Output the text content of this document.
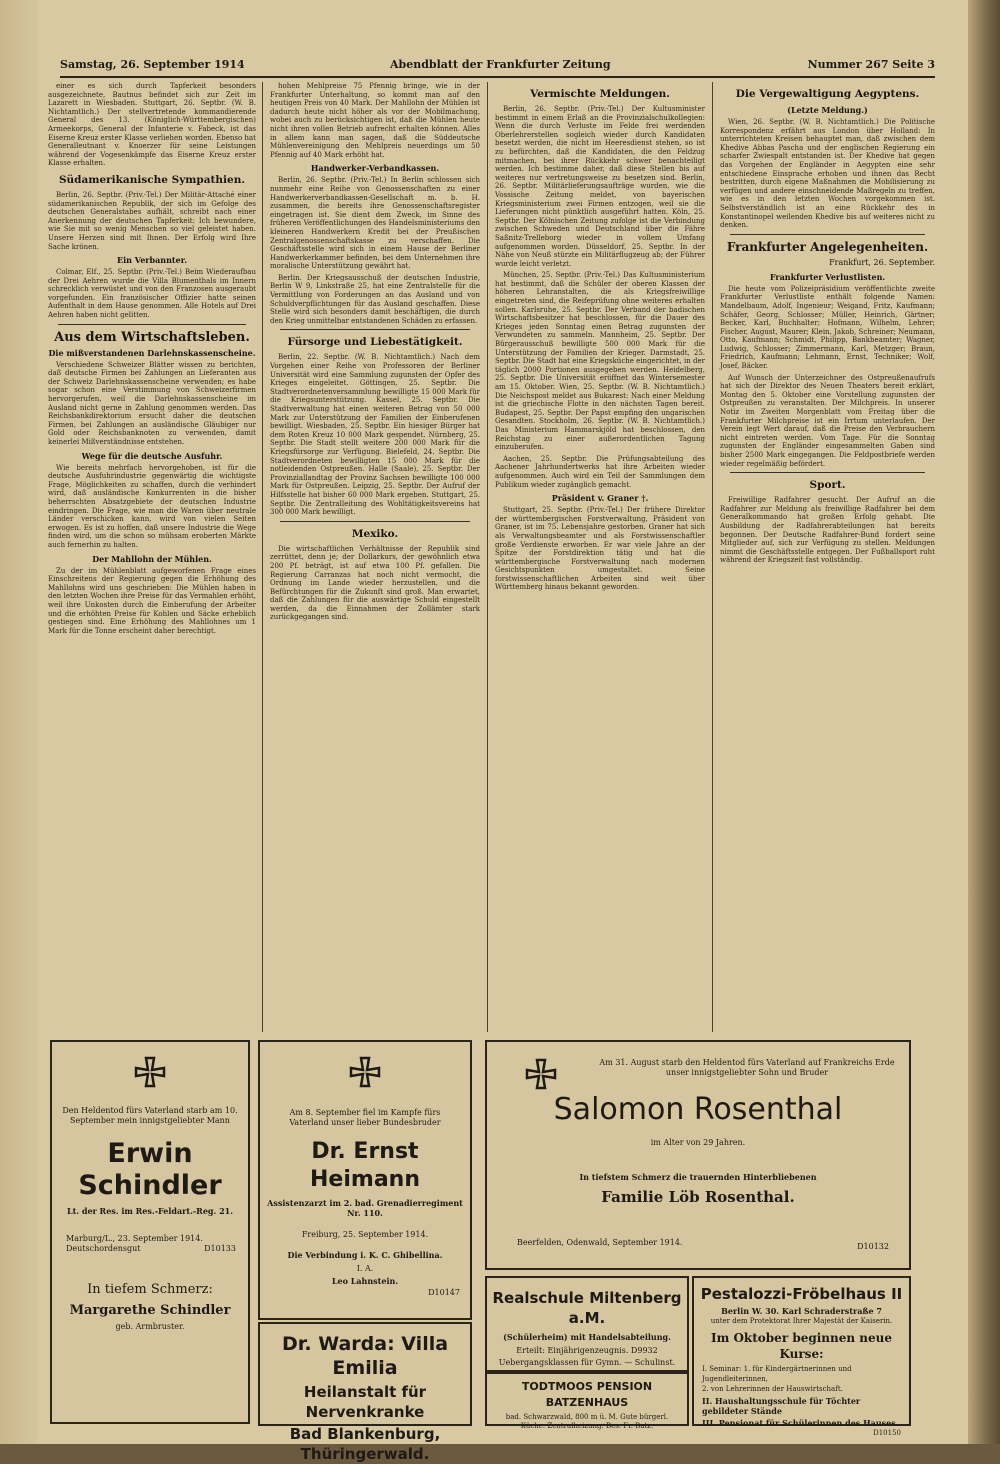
Samstag, 26. September 1914	Abendblatt der Frankfurter Zeitung	Nummer 267 Seite 3

einer es sich durch Tapferkeit besonders ausgezeichnete, Bautnus befindet sich zur Zeit im Lazarett in Wiesbaden. Stuttgart, 26. Septbr. (W. B. Nichtamtlich.) Der stellvertretende kommandierende General des 13. (Königlich-Württembergischen) Armeekorps, General der Infanterie v. Fabeck, ist das Eiserne Kreuz erster Klasse verliehen worden. Ebenso hat Generalleutnant v. Knoerzer für seine Leistungen während der Vogesenkämpfe das Eiserne Kreuz erster Klasse erhalten.

Südamerikanische Sympathien.

Berlin, 26. Septbr. (Priv.-Tel.) Der Militär-Attaché einer südamerikanischen Republik, der sich im Gefolge des deutschen Generalstabes aufhält, schreibt nach einer Anerkennung der deutschen Tapferkeit: Ich bewundere, wie Sie mit so wenig Menschen so viel geleistet haben. Unsere Herzen sind mit Ihnen. Der Erfolg wird Ihre Sache krönen.

Ein Verbannter.

Colmar, Elf., 25. Septbr. (Priv.-Tel.) Beim Wiederaufbau der Drei Aehren wurde die Villa Blumenthals im Innern schrecklich verwüstet und von den Franzosen ausgeraubt vorgefunden. Ein französischer Offizier hatte seinen Aufenthalt in dem Hause genommen. Alle Hotels auf Drei Aehren haben nicht gelitten.

Aus dem Wirtschaftsleben.
Die mißverstandenen Darlehnskassenscheine.

Verschiedene Schweizer Blätter wissen zu berichten, daß deutsche Firmen bei Zahlungen an Lieferanten aus der Schweiz Darlehnskassenscheine verwenden; es habe sogar schon eine Verstimmung von Schweizerfirmen hervorgerufen, weil die Darlehnskassenscheine im Ausland nicht gerne in Zahlung genommen werden. Das Reichsbankdirektorium ersucht daher die deutschen Firmen, bei Zahlungen an ausländische Gläubiger nur Gold oder Reichsbanknoten zu verwenden, damit keinerlei Mißverständnisse entstehen.

Wege für die deutsche Ausfuhr.

Wie bereits mehrfach hervorgehoben, ist für die deutsche Ausfuhrindustrie gegenwärtig die wichtigste Frage, Möglichkeiten zu schaffen, durch die verhindert wird, daß ausländische Konkurrenten in die bisher beherrschten Absatzgebiete der deutschen Industrie eindringen. Die Frage, wie man die Waren über neutrale Länder verschicken kann, wird von vielen Seiten erwogen. Es ist zu hoffen, daß unsere Industrie die Wege finden wird, um die schon so mühsam eroberten Märkte auch fernerhin zu halten.

Der Mahllohn der Mühlen.

Zu der im Mühlenblatt aufgeworfenen Frage eines Einschreitens der Regierung gegen die Erhöhung des Mahllohns wird uns geschrieben: Die Mühlen haben in den letzten Wochen ihre Preise für das Vermahlen erhöht, weil ihre Unkosten durch die Einberufung der Arbeiter und die erhöhten Preise für Kohlen und Säcke erheblich gestiegen sind. Eine Erhöhung des Mahllohnes um 1 Mark für die Tonne erscheint daher berechtigt.

hohen Mehlpreise 75 Pfennig bringe, wie in der Frankfurter Unterhaltung, so kommt man auf den heutigen Preis von 40 Mark. Der Mahllohn der Mühlen ist dadurch heute nicht höher als vor der Mobilmachung, wobei auch zu berücksichtigen ist, daß die Mühlen heute nicht ihren vollen Betrieb aufrecht erhalten können. Alles in allem kann man sagen, daß die Süddeutsche Mühlenvereinigung den Mehlpreis neuerdings um 50 Pfennig auf 40 Mark erhöht hat.

Handwerker-Verbandkassen.

Berlin, 26. Septbr. (Priv.-Tel.) In Berlin schlossen sich nunmehr eine Reihe von Genossenschaften zu einer Handwerkerverbandkassen-Gesellschaft m. b. H. zusammen, die bereits ihre Genossenschaftsregister eingetragen ist. Sie dient dem Zweck, im Sinne des früheren Veröffentlichungen des Handelsministeriums den kleineren Handwerkern Kredit bei der Preußischen Zentralgenossenschaftskasse zu verschaffen. Die Geschäftsstelle wird sich in einem Hause der Berliner Handwerkerkammer befinden, bei dem Unternehmen ihre moralische Unterstützung gewährt hat.

Berlin. Der Kriegsausschuß der deutschen Industrie, Berlin W 9, Linkstraße 25, hat eine Zentralstelle für die Vermittlung von Forderungen an das Ausland und von Schuldverpflichtungen für das Ausland geschaffen. Diese Stelle wird sich besonders damit beschäftigen, die durch den Krieg unmittelbar entstandenen Schäden zu erfassen.

Fürsorge und Liebestätigkeit.

Berlin, 22. Septbr. (W. B. Nichtamtlich.) Nach dem Vorgehen einer Reihe von Professoren der Berliner Universität wird eine Sammlung zugunsten der Opfer des Krieges eingeleitet. Göttingen, 25. Septbr. Die Stadtverordnetenversammlung bewilligte 15 000 Mark für die Kriegsunterstützung. Kassel, 25. Septbr. Die Stadtverwaltung hat einen weiteren Betrag von 50 000 Mark zur Unterstützung der Familien der Einberufenen bewilligt. Wiesbaden, 25. Septbr. Ein hiesiger Bürger hat dem Roten Kreuz 10 000 Mark gespendet. Nürnberg, 25. Septbr. Die Stadt stellt weitere 200 000 Mark für die Kriegsfürsorge zur Verfügung. Bielefeld, 24. Septbr. Die Stadtverordneten bewilligten 15 000 Mark für die notleidenden Ostpreußen. Halle (Saale), 25. Septbr. Der Provinziallandtag der Provinz Sachsen bewilligte 100 000 Mark für Ostpreußen. Leipzig, 25. Septbr. Der Aufruf der Hilfsstelle hat bisher 60 000 Mark ergeben. Stuttgart, 25. Septbr. Die Zentralleitung des Wohltätigkeitsvereins hat 300 000 Mark bewilligt.

Mexiko.

Die wirtschaftlichen Verhältnisse der Republik sind zerrüttet, denn je; der Dollarkurs, der gewöhnlich etwa 200 Pf. beträgt, ist auf etwa 100 Pf. gefallen. Die Regierung Carranzas hat noch nicht vermocht, die Ordnung im Lande wieder herzustellen, und die Befürchtungen für die Zukunft sind groß. Man erwartet, daß die Zahlungen für die auswärtige Schuld eingestellt werden, da die Einnahmen der Zollämter stark zurückgegangen sind.

Vermischte Meldungen.

Berlin, 26. Septbr. (Priv.-Tel.) Der Kultusminister bestimmt in einem Erlaß an die Provinzialschulkollegien: Wenn die durch Verluste im Felde frei werdenden Oberlehrerstellen sogleich wieder durch Kandidaten besetzt werden, die nicht im Heeresdienst stehen, so ist zu befürchten, daß die Kandidaten, die den Feldzug mitmachen, bei ihrer Rückkehr schwer benachteiligt werden. Ich bestimme daher, daß diese Stellen bis auf weiteres nur vertretungsweise zu besetzen sind. Berlin, 26. Septbr. Militärlieferungsaufträge wurden, wie die Vossische Zeitung meldet, von bayerischen Kriegsministerium zwei Firmen entzogen, weil sie die Lieferungen nicht pünktlich ausgeführt hatten. Köln, 25. Septbr. Der Kölnischen Zeitung zufolge ist die Verbindung zwischen Schweden und Deutschland über die Fähre Saßnitz-Trelleborg wieder in vollem Umfang aufgenommen worden. Düsseldorf, 25. Septbr. In der Nähe von Neuß stürzte ein Militärflugzeug ab; der Führer wurde leicht verletzt.

München, 25. Septbr. (Priv.-Tel.) Das Kultusministerium hat bestimmt, daß die Schüler der oberen Klassen der höheren Lehranstalten, die als Kriegsfreiwillige eingetreten sind, die Reifeprüfung ohne weiteres erhalten sollen. Karlsruhe, 25. Septbr. Der Verband der badischen Wirtschaftsbesitzer hat beschlossen, für die Dauer des Krieges jeden Sonntag einen Betrag zugunsten der Verwundeten zu sammeln. Mannheim, 25. Septbr. Der Bürgerausschuß bewilligte 500 000 Mark für die Unterstützung der Familien der Krieger. Darmstadt, 25. Septbr. Die Stadt hat eine Kriegsküche eingerichtet, in der täglich 2000 Portionen ausgegeben werden. Heidelberg, 25. Septbr. Die Universität eröffnet das Wintersemester am 15. Oktober. Wien, 25. Septbr. (W. B. Nichtamtlich.) Die Neichspost meldet aus Bukarest: Nach einer Meldung ist die griechische Flotte in den nächsten Tagen bereit. Budapest, 25. Septbr. Der Papst empfing den ungarischen Gesandten. Stockholm, 26. Septbr. (W. B. Nichtamtlich.) Das Ministerium Hammarskjöld hat beschlossen, den Reichstag zu einer außerordentlichen Tagung einzuberufen.

Aachen, 25. Septbr. Die Prüfungsabteilung des Aachener Jahrhundertwerks hat ihre Arbeiten wieder aufgenommen. Auch wird ein Teil der Sammlungen dem Publikum wieder zugänglich gemacht.

Präsident v. Graner †.

Stuttgart, 25. Septbr. (Priv.-Tel.) Der frühere Direktor der württembergischen Forstverwaltung, Präsident von Graner, ist im 75. Lebensjahre gestorben. Graner hat sich als Verwaltungsbeamter und als Forstwissenschaftler große Verdienste erworben. Er war viele Jahre an der Spitze der Forstdirektion tätig und hat die württembergische Forstverwaltung nach modernen Gesichtspunkten umgestaltet. Seine forstwissenschaftlichen Arbeiten sind weit über Württemberg hinaus bekannt geworden.

Die Vergewaltigung Aegyptens.
(Letzte Meldung.)

Wien, 26. Septbr. (W. B. Nichtamtlich.) Die Politische Korrespondenz erfährt aus London über Holland: In unterrichteten Kreisen behauptet man, daß zwischen dem Khedive Abbas Pascha und der englischen Regierung ein scharfer Zwiespalt entstanden ist. Der Khedive hat gegen das Vorgehen der Engländer in Aegypten eine sehr entschiedene Einsprache erhoben und ihnen das Recht bestritten, durch eigene Maßnahmen die Mobilisierung zu verfügen und andere einschneidende Maßregeln zu treffen, wie es in den letzten Wochen vorgekommen ist. Selbstverständlich ist an eine Rückkehr des in Konstantinopel weilenden Khedive bis auf weiteres nicht zu denken.

Frankfurter Angelegenheiten.
Frankfurt, 26. September.
Frankfurter Verlustlisten.

Die heute vom Polizeipräsidium veröffentlichte zweite Frankfurter Verlustliste enthält folgende Namen: Mandelbaum, Adolf, Ingenieur; Weigand, Fritz, Kaufmann; Schäfer, Georg, Schlosser; Müller, Heinrich, Gärtner; Becker, Karl, Buchhalter; Hofmann, Wilhelm, Lehrer; Fischer, August, Maurer; Klein, Jakob, Schreiner; Neumann, Otto, Kaufmann; Schmidt, Philipp, Bankbeamter; Wagner, Ludwig, Schlosser; Zimmermann, Karl, Metzger; Braun, Friedrich, Kaufmann; Lehmann, Ernst, Techniker; Wolf, Josef, Bäcker.

Auf Wunsch der Unterzeichner des Ostpreußenaufrufs hat sich der Direktor des Neuen Theaters bereit erklärt, Montag den 5. Oktober eine Vorstellung zugunsten der Ostpreußen zu veranstalten. Der Milchpreis. In unserer Notiz im Zweiten Morgenblatt vom Freitag über die Frankfurter Milchpreise ist ein Irrtum unterlaufen. Der Verein legt Wert darauf, daß die Preise den Verbrauchern nicht eintreten werden. Vom Tage. Für die Sonntag zugunsten der Engländer eingesammelten Gaben sind bisher 2500 Mark eingegangen. Die Feldpostbriefe werden wieder regelmäßig befördert.

Sport.

Freiwillige Radfahrer gesucht. Der Aufruf an die Radfahrer zur Meldung als freiwillige Radfahrer bei dem Generalkommando hat großen Erfolg gehabt. Die Ausbildung der Radfahrerabteilungen hat bereits begonnen. Der Deutsche Radfahrer-Bund fordert seine Mitglieder auf, sich zur Verfügung zu stellen. Meldungen nimmt die Geschäftsstelle entgegen. Der Fußballsport ruht während der Kriegszeit fast vollständig.

Den Heldentod fürs Vaterland starb am 10. September mein innigstgeliebter Mann
Erwin Schindler
Lt. der Res. im Res.-Feldart.-Reg. 21.
Marburg/L., 23. September 1914.
Deutschordensgut	D10133
In tiefem Schmerz:
Margarethe Schindler
geb. Armbruster.
Am 8. September fiel im Kampfe fürs Vaterland unser lieber Bundesbruder
Dr. Ernst Heimann
Assistenzarzt im 2. bad. Grenadierregiment Nr. 110.
Freiburg, 25. September 1914.
Die Verbindung i. K. C. Ghibellina.
I. A.
Leo Lahnstein.
D10147
Dr. Warda: Villa Emilia
Heilanstalt für Nervenkranke
Bad Blankenburg, Thüringerwald.
Am 31. August starb den Heldentod fürs Vaterland auf Frankreichs Erde unser innigstgeliebter Sohn und Bruder
Salomon Rosenthal
im Alter von 29 Jahren.
In tiefstem Schmerz die trauernden Hinterbliebenen
Familie Löb Rosenthal.
Beerfelden, Odenwald, September 1914.	D10132
Realschule Miltenberg a.M.
(Schülerheim) mit Handelsabteilung.
Erteilt: Einjährigenzeugnis. D9932
Uebergangsklassen für Gymn. — Schulinst.
TODTMOOS PENSION BATZENHAUS
bad. Schwarzwald, 800 m ü. M. Gute bürgerl. Küche. Zentralheizung. Bes. Fr. Batz.
Pestalozzi-Fröbelhaus II
Berlin W. 30. Karl Schraderstraße 7
unter dem Protektorat Ihrer Majestät der Kaiserin.
Im Oktober beginnen neue Kurse:
I. Seminar: 1. für Kindergärtnerinnen und Jugendleiterinnen,
2. von Lehrerinnen der Hauswirtschaft.
II. Haushaltungsschule für Töchter gebildeter Stände
III. Pensionat für Schülerinnen des Hauses.
D10150
